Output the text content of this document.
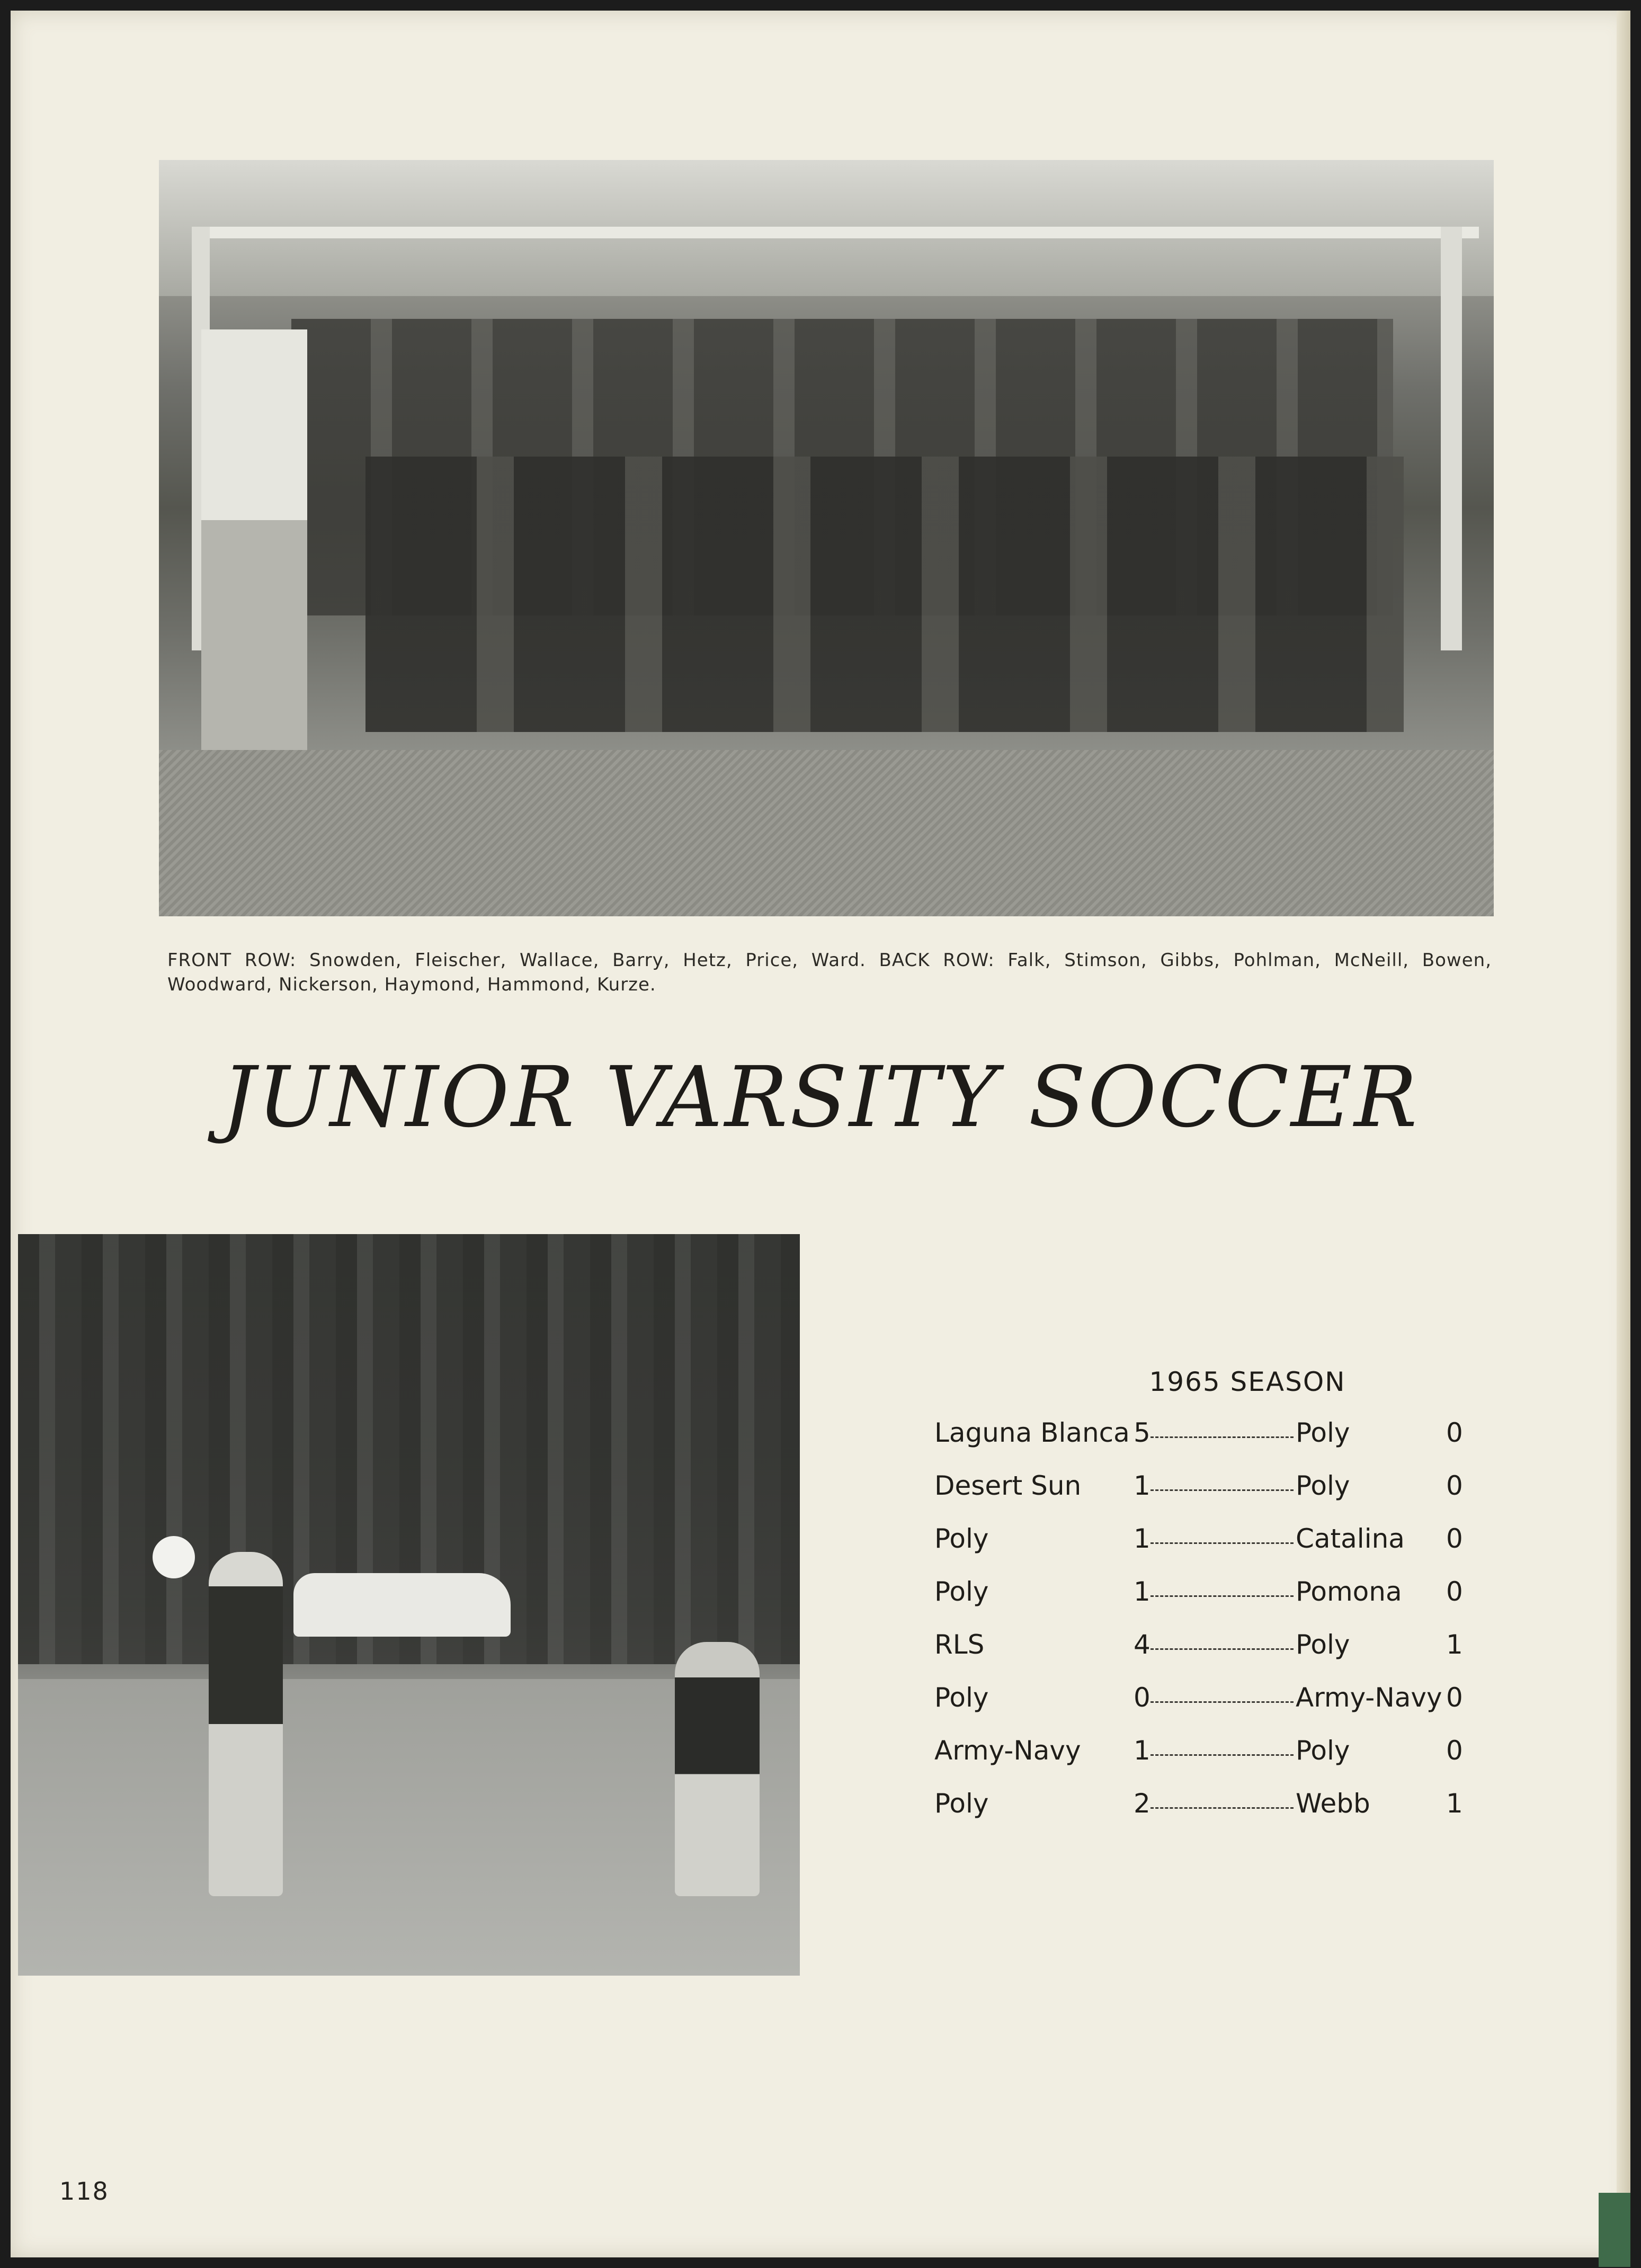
FRONT ROW: Snowden, Fleischer, Wallace, Barry, Hetz, Price, Ward. BACK ROW: Falk, Stimson, Gibbs, Pohlman, McNeill, Bowen, Woodward, Nickerson, Haymond, Hammond, Kurze.
JUNIOR VARSITY SOCCER
1965 SEASON
Laguna Blanca 5	Poly	0
Desert Sun 1	Poly	0
Poly	1	Catalina 0
Poly	1	Pomona 0
RLS	4	Poly	1
Poly	0	Army-Navy 0
Army-Navy 1	Poly	0
Poly	2	Webb	1
118
